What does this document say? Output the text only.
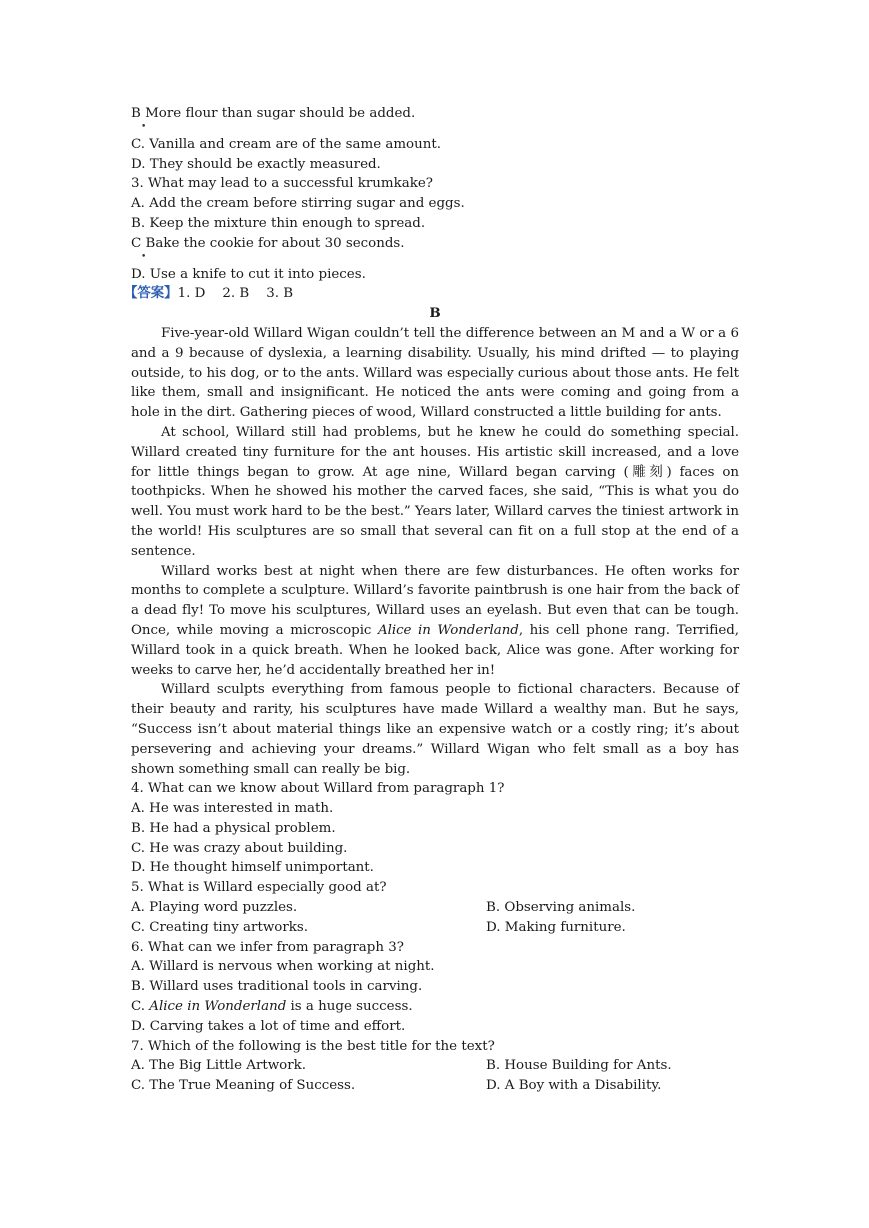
B More flour than sugar should be added.
•
C. Vanilla and cream are of the same amount.
D. They should be exactly measured.
3. What may lead to a successful krumkake?
A. Add the cream before stirring sugar and eggs.
B. Keep the mixture thin enough to spread.
C Bake the cookie for about 30 seconds.
•
D. Use a knife to cut it into pieces.
【答案】1. D    2. B    3. B
B

Five-year-old Willard Wigan couldn’t tell the difference between an M and a W or a 6 and a 9 because of dyslexia, a learning disability. Usually, his mind drifted — to playing outside, to his dog, or to the ants. Willard was especially curious about those ants. He felt like them, small and insignificant. He noticed the ants were coming and going from a hole in the dirt. Gathering pieces of wood, Willard constructed a little building for ants.

At school, Willard still had problems, but he knew he could do something special. Willard created tiny furniture for the ant houses. His artistic skill increased, and a love for little things began to grow. At age nine, Willard began carving (雕刻) faces on toothpicks. When he showed his mother the carved faces, she said, “This is what you do well. You must work hard to be the best.” Years later, Willard carves the tiniest artwork in the world! His sculptures are so small that several can fit on a full stop at the end of a sentence.

Willard works best at night when there are few disturbances. He often works for months to complete a sculpture. Willard’s favorite paintbrush is one hair from the back of a dead fly! To move his sculptures, Willard uses an eyelash. But even that can be tough. Once, while moving a microscopic Alice in Wonderland, his cell phone rang. Terrified, Willard took in a quick breath. When he looked back, Alice was gone. After working for weeks to carve her, he’d accidentally breathed her in!

Willard sculpts everything from famous people to fictional characters. Because of their beauty and rarity, his sculptures have made Willard a wealthy man. But he says, “Success isn’t about material things like an expensive watch or a costly ring; it’s about persevering and achieving your dreams.” Willard Wigan who felt small as a boy has shown something small can really be big.

4. What can we know about Willard from paragraph 1?
A. He was interested in math.
B. He had a physical problem.
C. He was crazy about building.
D. He thought himself unimportant.
5. What is Willard especially good at?
A. Playing word puzzles.	B. Observing animals.
C. Creating tiny artworks.	D. Making furniture.
6. What can we infer from paragraph 3?
A. Willard is nervous when working at night.
B. Willard uses traditional tools in carving.
C. Alice in Wonderland is a huge success.
D. Carving takes a lot of time and effort.
7. Which of the following is the best title for the text?
A. The Big Little Artwork.	B. House Building for Ants.
C. The True Meaning of Success.	D. A Boy with a Disability.
